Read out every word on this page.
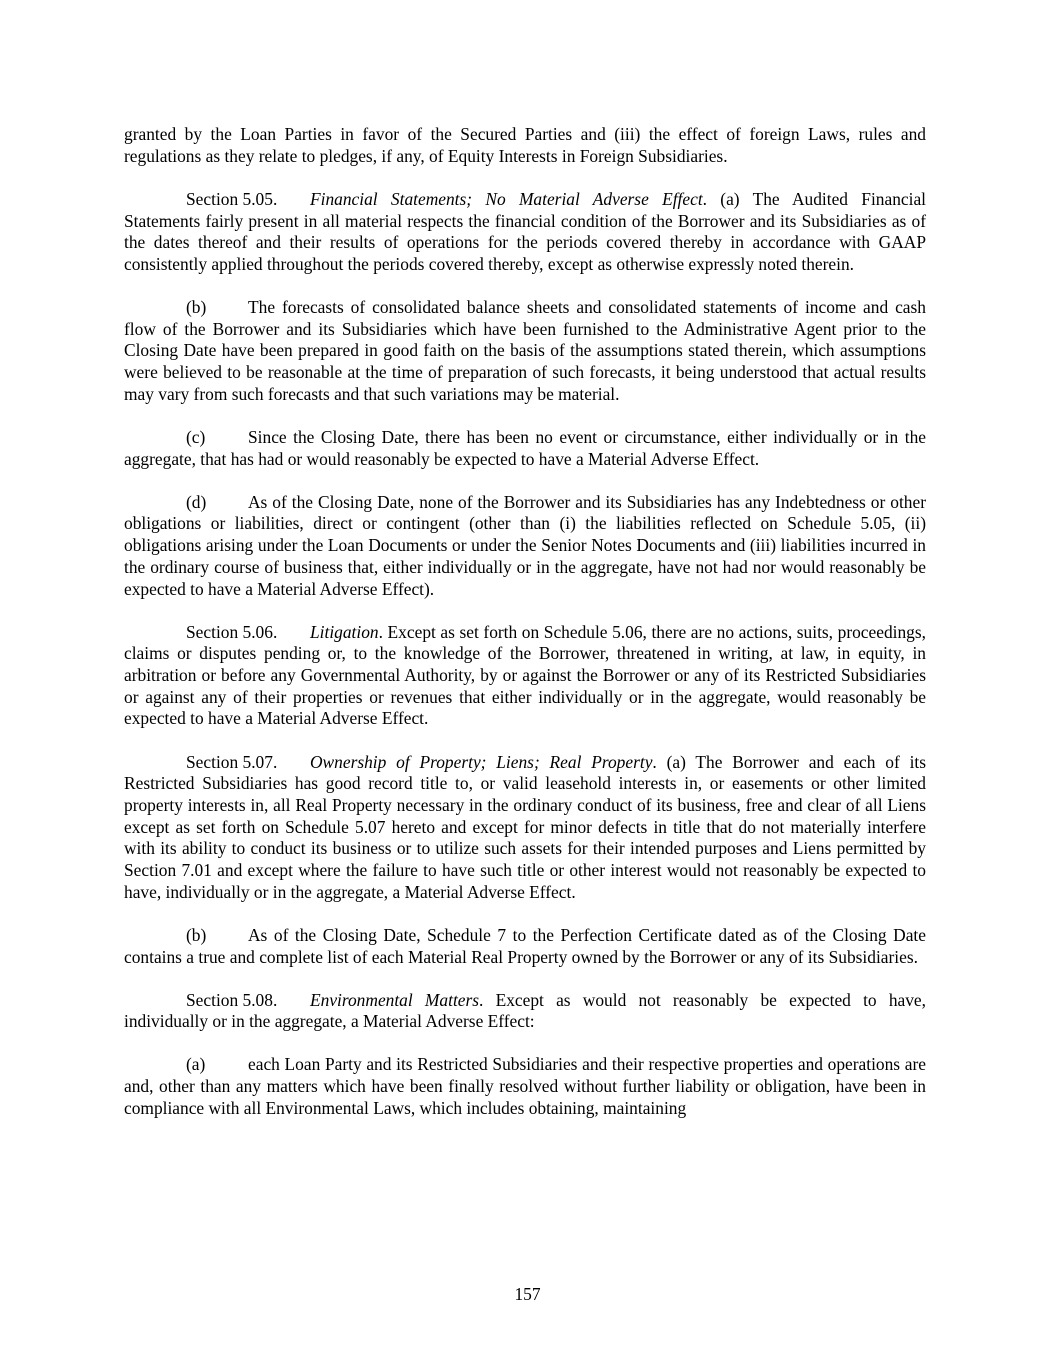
granted by the Loan Parties in favor of the Secured Parties and (iii) the effect of foreign Laws, rules and regulations as they relate to pledges, if any, of Equity Interests in Foreign Subsidiaries.

Section 5.05. Financial Statements; No Material Adverse Effect. (a) The Audited Financial Statements fairly present in all material respects the financial condition of the Borrower and its Subsidiaries as of the dates thereof and their results of operations for the periods covered thereby in accordance with GAAP consistently applied throughout the periods covered thereby, except as otherwise expressly noted therein.

(b) The forecasts of consolidated balance sheets and consolidated statements of income and cash flow of the Borrower and its Subsidiaries which have been furnished to the Administrative Agent prior to the Closing Date have been prepared in good faith on the basis of the assumptions stated therein, which assumptions were believed to be reasonable at the time of preparation of such forecasts, it being understood that actual results may vary from such forecasts and that such variations may be material.

(c) Since the Closing Date, there has been no event or circumstance, either individually or in the aggregate, that has had or would reasonably be expected to have a Material Adverse Effect.

(d) As of the Closing Date, none of the Borrower and its Subsidiaries has any Indebtedness or other obligations or liabilities, direct or contingent (other than (i) the liabilities reflected on Schedule 5.05, (ii) obligations arising under the Loan Documents or under the Senior Notes Documents and (iii) liabilities incurred in the ordinary course of business that, either individually or in the aggregate, have not had nor would reasonably be expected to have a Material Adverse Effect).

Section 5.06. Litigation. Except as set forth on Schedule 5.06, there are no actions, suits, proceedings, claims or disputes pending or, to the knowledge of the Borrower, threatened in writing, at law, in equity, in arbitration or before any Governmental Authority, by or against the Borrower or any of its Restricted Subsidiaries or against any of their properties or revenues that either individually or in the aggregate, would reasonably be expected to have a Material Adverse Effect.

Section 5.07. Ownership of Property; Liens; Real Property. (a) The Borrower and each of its Restricted Subsidiaries has good record title to, or valid leasehold interests in, or easements or other limited property interests in, all Real Property necessary in the ordinary conduct of its business, free and clear of all Liens except as set forth on Schedule 5.07 hereto and except for minor defects in title that do not materially interfere with its ability to conduct its business or to utilize such assets for their intended purposes and Liens permitted by Section 7.01 and except where the failure to have such title or other interest would not reasonably be expected to have, individually or in the aggregate, a Material Adverse Effect.

(b) As of the Closing Date, Schedule 7 to the Perfection Certificate dated as of the Closing Date contains a true and complete list of each Material Real Property owned by the Borrower or any of its Subsidiaries.

Section 5.08. Environmental Matters. Except as would not reasonably be expected to have, individually or in the aggregate, a Material Adverse Effect:

(a) each Loan Party and its Restricted Subsidiaries and their respective properties and operations are and, other than any matters which have been finally resolved without further liability or obligation, have been in compliance with all Environmental Laws, which includes obtaining, maintaining

157
